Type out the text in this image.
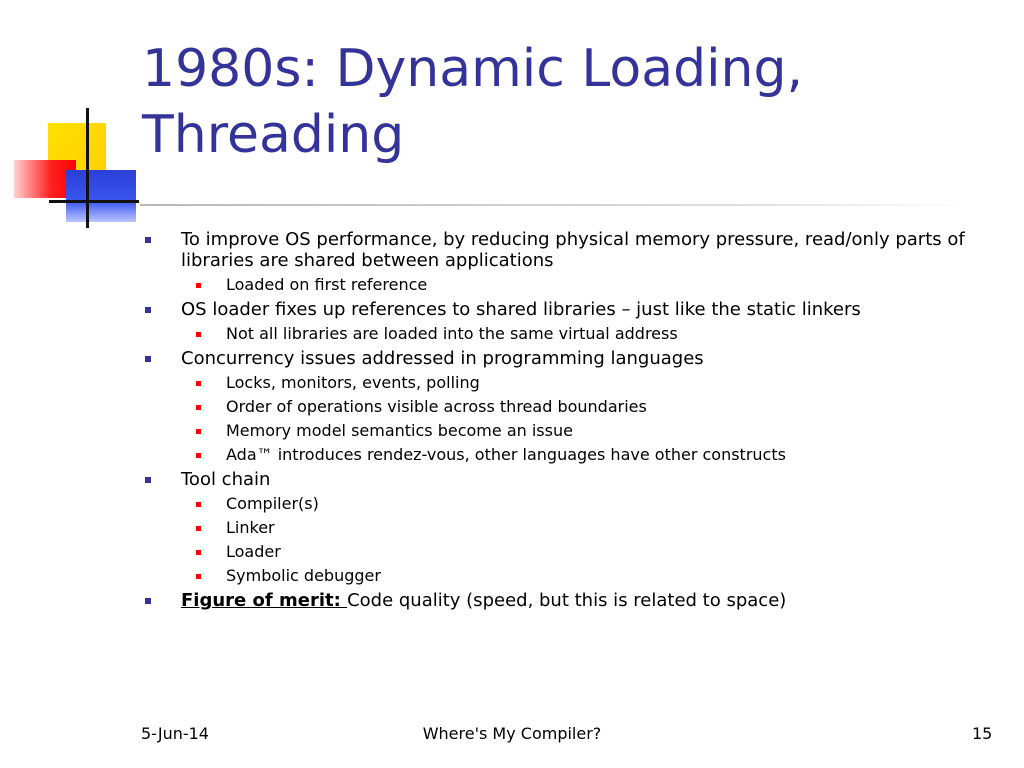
1980s: Dynamic Loading, Threading
To improve OS performance, by reducing physical memory pressure, read/only parts of libraries are shared between applications
Loaded on first reference
OS loader fixes up references to shared libraries – just like the static linkers
Not all libraries are loaded into the same virtual address
Concurrency issues addressed in programming languages
Locks, monitors, events, polling
Order of operations visible across thread boundaries
Memory model semantics become an issue
Ada™ introduces rendez-vous, other languages have other constructs
Tool chain
Compiler(s)
Linker
Loader
Symbolic debugger
Figure of merit: Code quality (speed, but this is related to space)
5-Jun-14	Where's My Compiler?	15
